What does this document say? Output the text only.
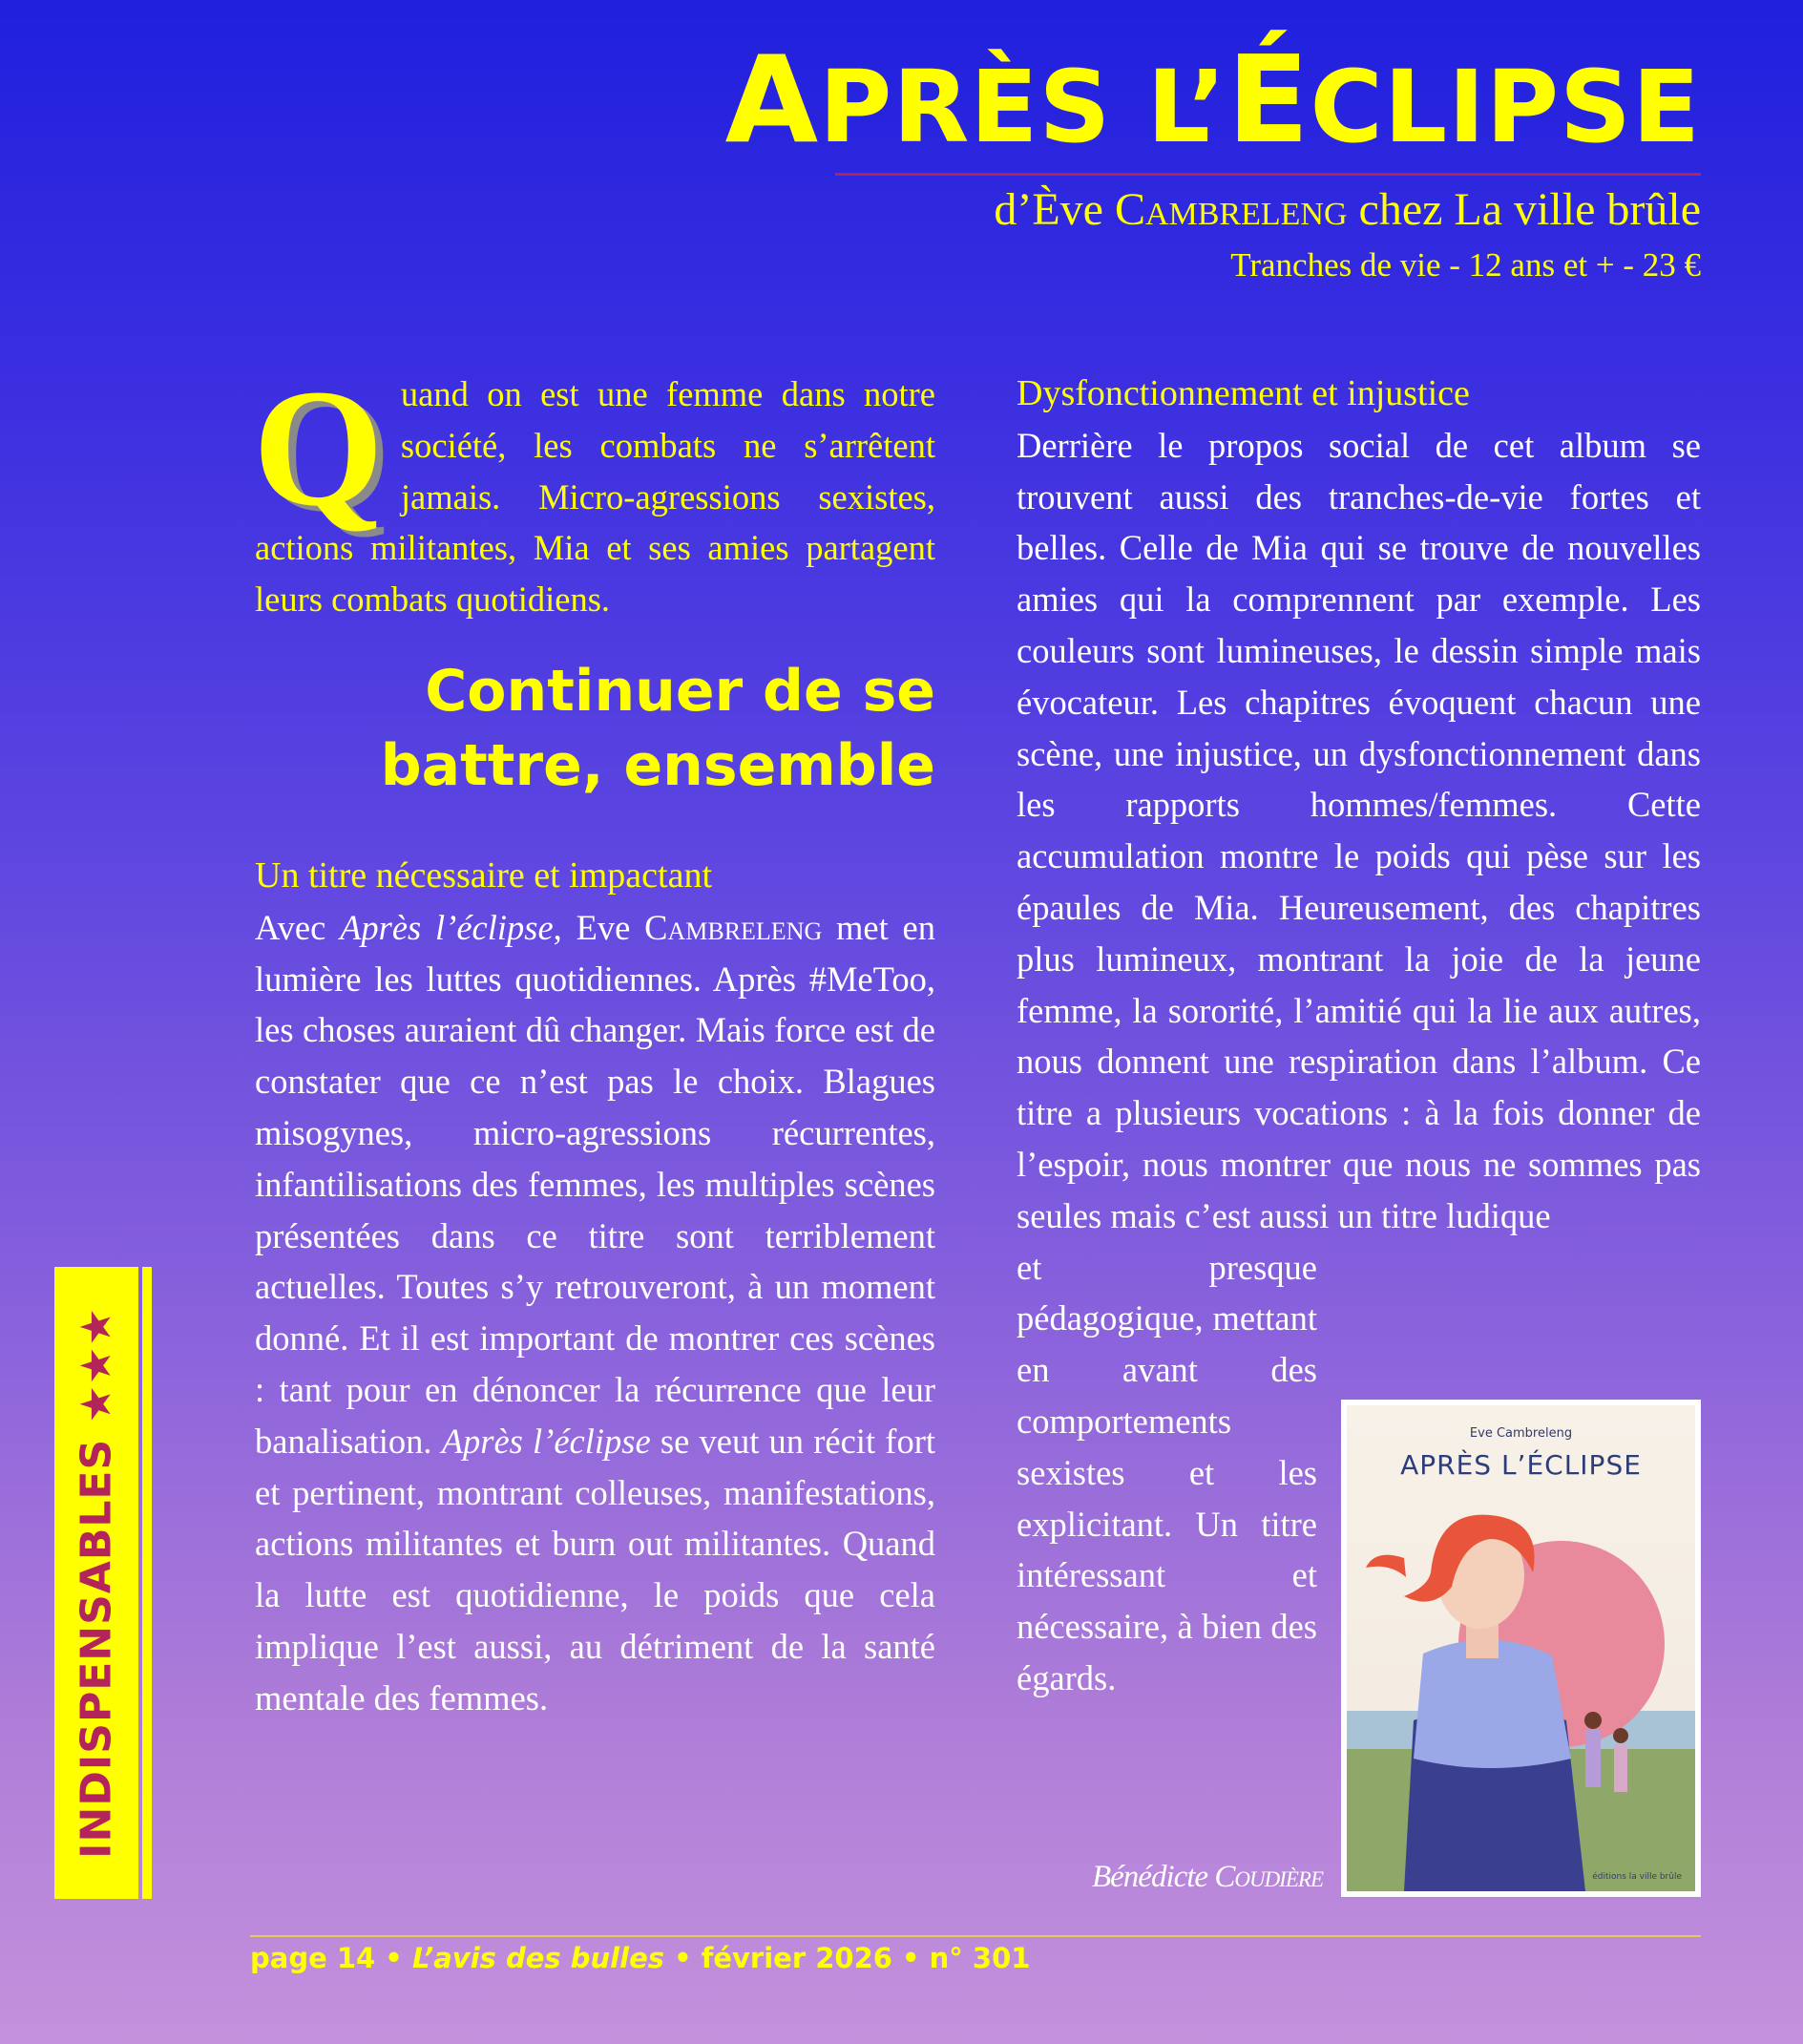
APRÈS L’ÉCLIPSE
d’Ève Cambreleng chez La ville brûle
Tranches de vie - 12 ans et + - 23 €

Quand on est une femme dans notre société, les combats ne s’arrêtent jamais. Micro-agressions sexistes, actions militantes, Mia et ses amies partagent leurs combats quotidiens.

Continuer de se
battre, ensemble

Un titre nécessaire et impactant

Avec Après l’éclipse, Eve Cambreleng met en lumière les luttes quotidiennes. Après #MeToo, les choses auraient dû changer. Mais force est de constater que ce n’est pas le choix. Blagues misogynes, micro-agressions récurrentes, infantilisations des femmes, les multiples scènes présentées dans ce titre sont terriblement actuelles. Toutes s’y retrouveront, à un moment donné. Et il est important de montrer ces scènes : tant pour en dénoncer la récurrence que leur banalisation. Après l’éclipse se veut un récit fort et pertinent, montrant colleuses, manifestations, actions militantes et burn out militantes. Quand la lutte est quotidienne, le poids que cela implique l’est aussi, au détriment de la santé mentale des femmes.

Dysfonctionnement et injustice

Derrière le propos social de cet album se trouvent aussi des tranches-de-vie fortes et belles. Celle de Mia qui se trouve de nouvelles amies qui la comprennent par exemple. Les couleurs sont lumineuses, le dessin simple mais évocateur. Les chapitres évoquent chacun une scène, une injustice, un dysfonctionnement dans les rapports hommes/femmes. Cette accumulation montre le poids qui pèse sur les épaules de Mia. Heureusement, des chapitres plus lumineux, montrant la joie de la jeune femme, la sororité, l’amitié qui la lie aux autres, nous donnent une respiration dans l’album. Ce titre a plusieurs vocations : à la fois donner de l’espoir, nous montrer que nous ne sommes pas seules mais c’est aussi un titre ludique

et presque pédagogique, mettant en avant des comportements sexistes et les explicitant. Un titre intéressant et nécessaire, à bien des égards.

Eve Cambreleng
APRÈS L’ÉCLIPSE
éditions la ville brûle
Bénédicte Coudière
INDISPENSABLES ★★★
page 14 • L’avis des bulles • février 2026 • n° 301
